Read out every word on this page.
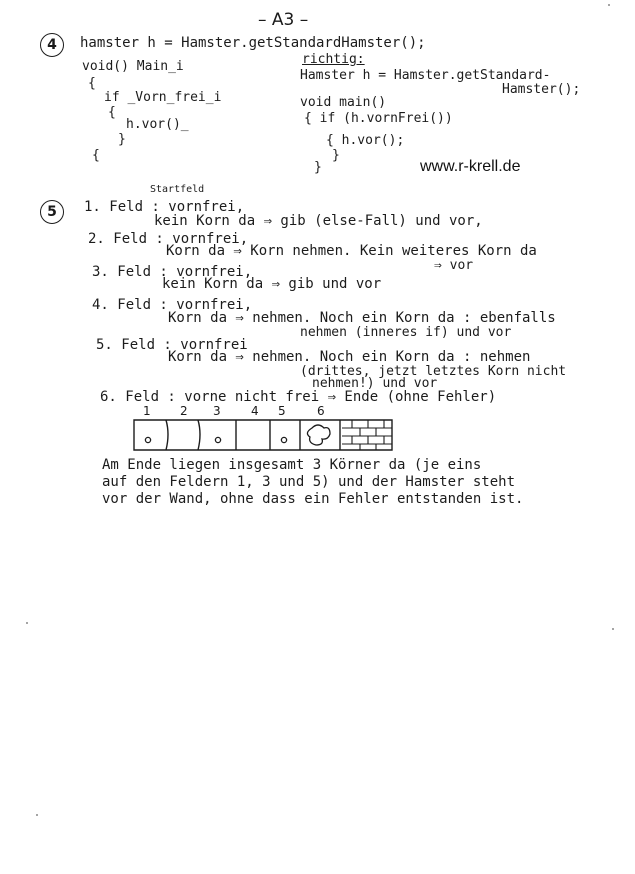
– A3 –
4	hamster h = Hamster.getStandardHamster();
void() Main_i
{
if _Vorn_frei_i
{
h.vor()_
}
{
richtig:
Hamster h = Hamster.getStandard-
Hamster();
void main()
{ if (h.vornFrei())
{ h.vor();
}
}	www.r-krell.de
5
Startfeld
1. Feld : vornfrei,
kein Korn da ⇒ gib (else-Fall) und vor,
2. Feld : vornfrei,
Korn da ⇒ Korn nehmen. Kein weiteres Korn da
⇒ vor
3. Feld : vornfrei,
kein Korn da ⇒ gib und vor
4. Feld : vornfrei,
Korn da ⇒ nehmen. Noch ein Korn da : ebenfalls
nehmen (inneres if) und vor
5. Feld : vornfrei
Korn da ⇒ nehmen. Noch ein Korn da : nehmen
(drittes, jetzt letztes Korn nicht
nehmen!) und vor
6. Feld : vorne nicht frei ⇒ Ende (ohne Fehler)
1 2 3	4 5	6
Am Ende liegen insgesamt 3 Körner da (je eins
auf den Feldern 1, 3 und 5) und der Hamster steht
vor der Wand, ohne dass ein Fehler entstanden ist.
